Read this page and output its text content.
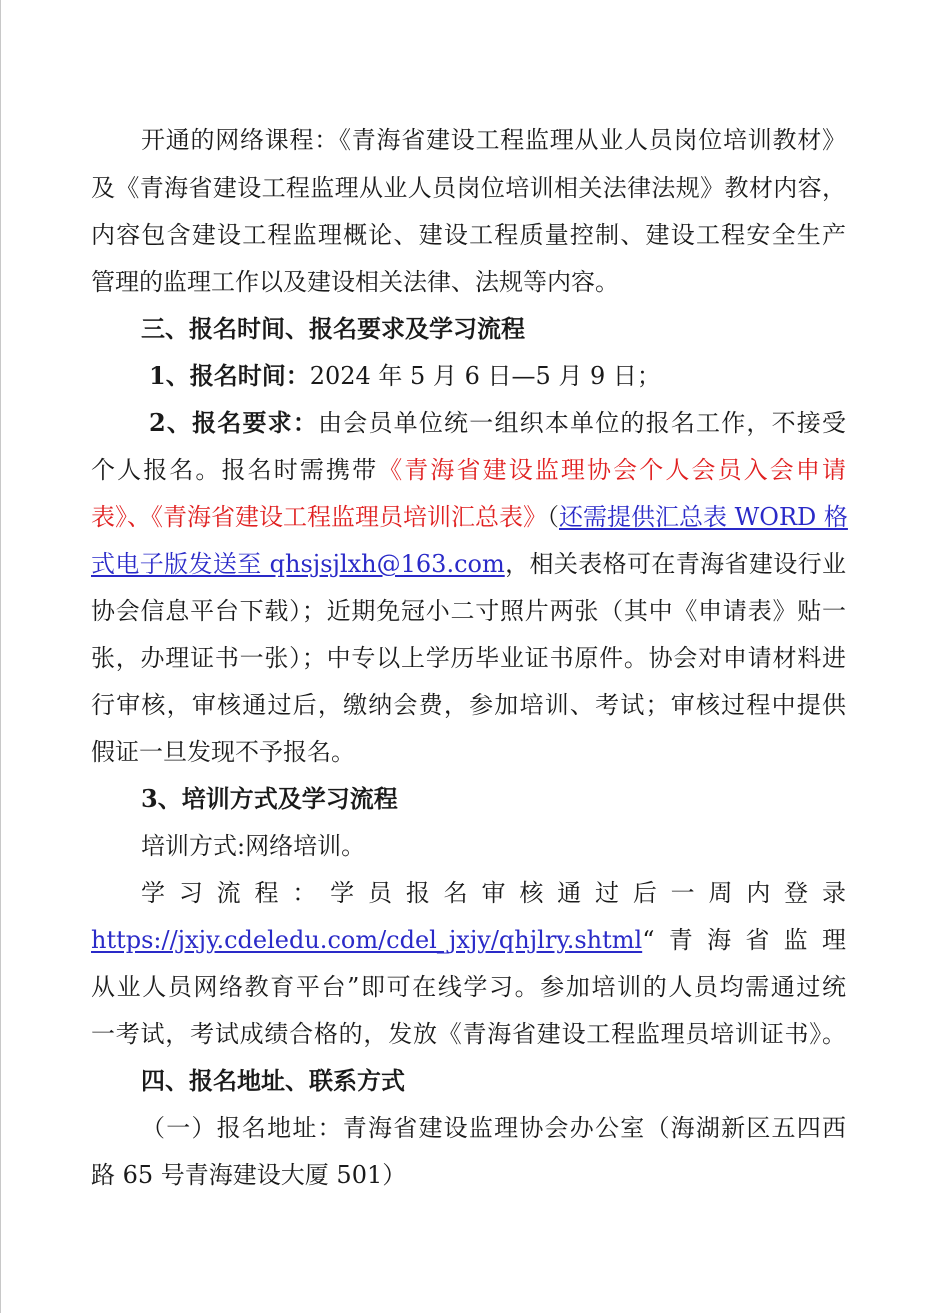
开通的网络课程：《青海省建设工程监理从业人员岗位培训教材》
及《青海省建设工程监理从业人员岗位培训相关法律法规》教材内容，
内容包含建设工程监理概论、建设工程质量控制、建设工程安全生产
管理的监理工作以及建设相关法律、法规等内容。
三、报名时间、报名要求及学习流程
1、报名时间：2024 年 5 月 6 日—5 月 9 日；
2、报名要求：由会员单位统一组织本单位的报名工作，不接受
个人报名。报名时需携带《青海省建设监理协会个人会员入会申请
表》、《青海省建设工程监理员培训汇总表》（还需提供汇总表 WORD 格
式电子版发送至 qhsjsjlxh@163.com，相关表格可在青海省建设行业
协会信息平台下载）；近期免冠小二寸照片两张（其中《申请表》贴一
张，办理证书一张）；中专以上学历毕业证书原件。协会对申请材料进
行审核，审核通过后，缴纳会费，参加培训、考试；审核过程中提供
假证一旦发现不予报名。
3、培训方式及学习流程
培训方式:网络培训。
学 习 流 程 ： 学 员 报 名 审 核 通 过 后 一 周 内 登 录
https://jxjy.cdeledu.com/cdel_jxjy/qhjlry.shtml“青海省监理
从业人员网络教育平台”即可在线学习。参加培训的人员均需通过统
一考试，考试成绩合格的，发放《青海省建设工程监理员培训证书》。
四、报名地址、联系方式
（一）报名地址：青海省建设监理协会办公室（海湖新区五四西
路 65 号青海建设大厦 501）
